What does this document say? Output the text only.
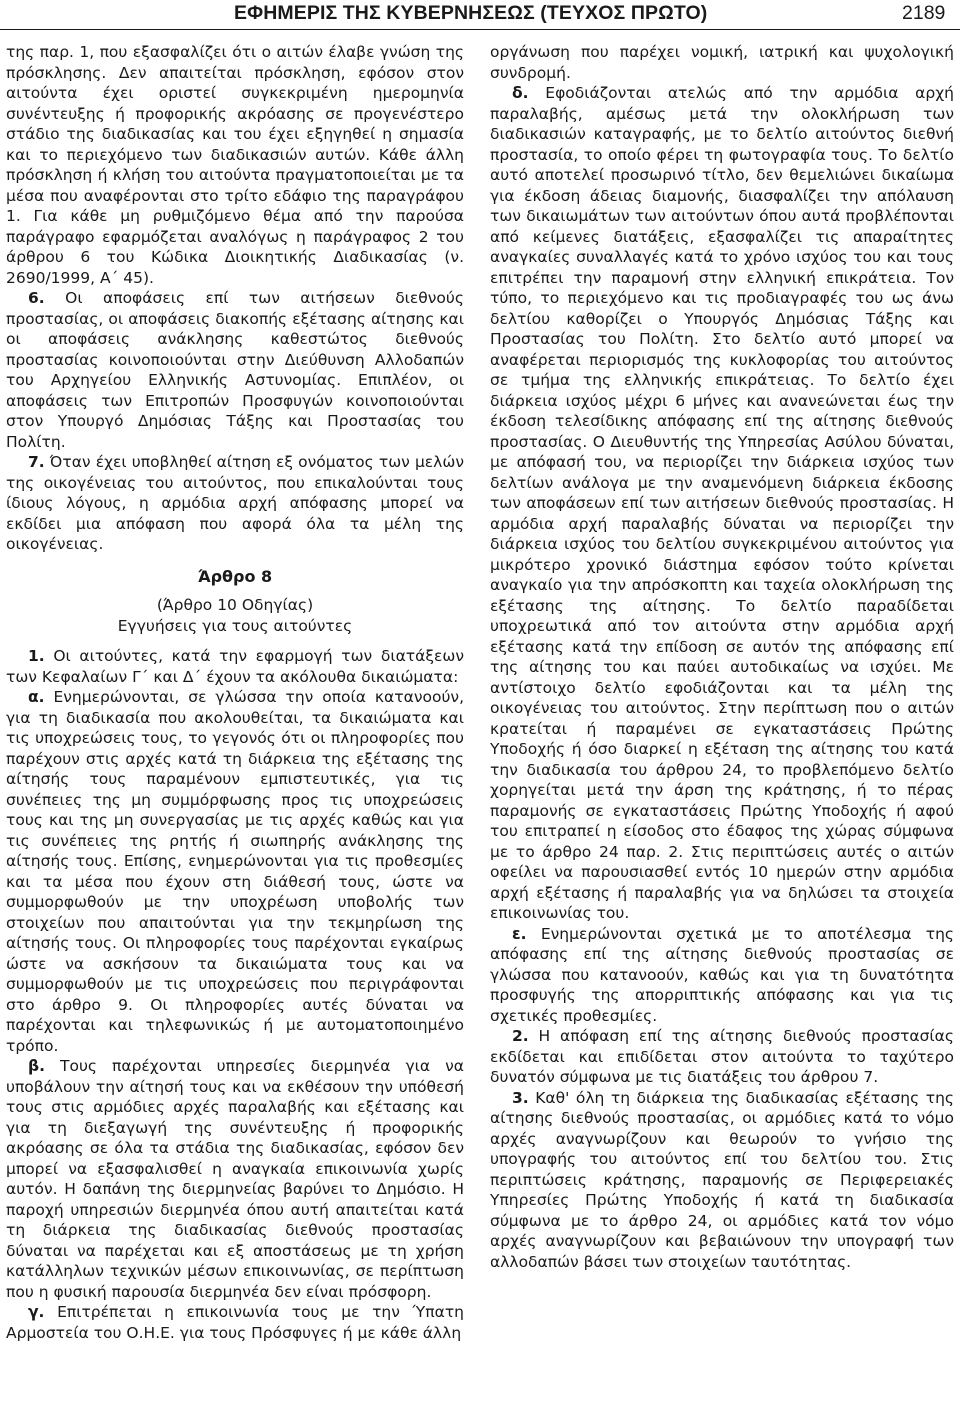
ΕΦΗΜΕΡΙΣ ΤΗΣ ΚΥΒΕΡΝΗΣΕΩΣ (ΤΕΥΧΟΣ ΠΡΩΤΟ)	2189

της παρ. 1, που εξασφαλίζει ότι ο αιτών έλαβε γνώση της πρόσκλησης. Δεν απαιτείται πρόσκληση, εφόσον στον αιτούντα έχει οριστεί συγκεκριμένη ημερομηνία συνέντευξης ή προφορικής ακρόασης σε προγενέστερο στάδιο της διαδικασίας και του έχει εξηγηθεί η σημασία και το περιεχόμενο των διαδικασιών αυτών. Κάθε άλλη πρόσκληση ή κλήση του αιτούντα πραγματοποιείται με τα μέσα που αναφέρονται στο τρίτο εδάφιο της παραγράφου 1. Για κάθε μη ρυθμιζόμενο θέμα από την παρούσα παράγραφο εφαρμόζεται αναλόγως η παράγραφος 2 του άρθρου 6 του Κώδικα Διοικητικής Διαδικασίας (ν. 2690/1999, Α΄ 45).

6. Οι αποφάσεις επί των αιτήσεων διεθνούς προστασίας, οι αποφάσεις διακοπής εξέτασης αίτησης και οι αποφάσεις ανάκλησης καθεστώτος διεθνούς προστασίας κοινοποιούνται στην Διεύθυνση Αλλοδαπών του Αρχηγείου Ελληνικής Αστυνομίας. Επιπλέον, οι αποφάσεις των Επιτροπών Προσφυγών κοινοποιούνται στον Υπουργό Δημόσιας Τάξης και Προστασίας του Πολίτη.

7. Όταν έχει υποβληθεί αίτηση εξ ονόματος των μελών της οικογένειας του αιτούντος, που επικαλούνται τους ίδιους λόγους, η αρμόδια αρχή απόφασης μπορεί να εκδίδει μια απόφαση που αφορά όλα τα μέλη της οικογένειας.

Άρθρο 8
(Άρθρο 10 Οδηγίας)
Εγγυήσεις για τους αιτούντες

1. Οι αιτούντες, κατά την εφαρμογή των διατάξεων των Κεφαλαίων Γ΄ και Δ΄ έχουν τα ακόλουθα δικαιώματα:

α. Ενημερώνονται, σε γλώσσα την οποία κατανοούν, για τη διαδικασία που ακολουθείται, τα δικαιώματα και τις υποχρεώσεις τους, το γεγονός ότι οι πληροφορίες που παρέχουν στις αρχές κατά τη διάρκεια της εξέτασης της αίτησής τους παραμένουν εμπιστευτικές, για τις συνέπειες της μη συμμόρφωσης προς τις υποχρεώσεις τους και της μη συνεργασίας με τις αρχές καθώς και για τις συνέπειες της ρητής ή σιωπηρής ανάκλησης της αίτησής τους. Επίσης, ενημερώνονται για τις προθεσμίες και τα μέσα που έχουν στη διάθεσή τους, ώστε να συμμορφωθούν με την υποχρέωση υποβολής των στοιχείων που απαιτούνται για την τεκμηρίωση της αίτησής τους. Οι πληροφορίες τους παρέχονται εγκαίρως ώστε να ασκήσουν τα δικαιώματα τους και να συμμορφωθούν με τις υποχρεώσεις που περιγράφονται στο άρθρο 9. Οι πληροφορίες αυτές δύναται να παρέχονται και τηλεφωνικώς ή με αυτοματοποιημένο τρόπο.

β. Τους παρέχονται υπηρεσίες διερμηνέα για να υποβάλουν την αίτησή τους και να εκθέσουν την υπόθεσή τους στις αρμόδιες αρχές παραλαβής και εξέτασης και για τη διεξαγωγή της συνέντευξης ή προφορικής ακρόασης σε όλα τα στάδια της διαδικασίας, εφόσον δεν μπορεί να εξασφαλισθεί η αναγκαία επικοινωνία χωρίς αυτόν. Η δαπάνη της διερμηνείας βαρύνει το Δημόσιο. Η παροχή υπηρεσιών διερμηνέα όπου αυτή απαιτείται κατά τη διάρκεια της διαδικασίας διεθνούς προστασίας δύναται να παρέχεται και εξ αποστάσεως με τη χρήση κατάλληλων τεχνικών μέσων επικοινωνίας, σε περίπτωση που η φυσική παρουσία διερμηνέα δεν είναι πρόσφορη.

γ. Επιτρέπεται η επικοινωνία τους με την Ύπατη Αρμοστεία του Ο.Η.Ε. για τους Πρόσφυγες ή με κάθε άλλη

οργάνωση που παρέχει νομική, ιατρική και ψυχολογική συνδρομή.

δ. Εφοδιάζονται ατελώς από την αρμόδια αρχή παραλαβής, αμέσως μετά την ολοκλήρωση των διαδικασιών καταγραφής, με το δελτίο αιτούντος διεθνή προστασία, το οποίο φέρει τη φωτογραφία τους. Το δελτίο αυτό αποτελεί προσωρινό τίτλο, δεν θεμελιώνει δικαίωμα για έκδοση άδειας διαμονής, διασφαλίζει την απόλαυση των δικαιωμάτων των αιτούντων όπου αυτά προβλέπονται από κείμενες διατάξεις, εξασφαλίζει τις απαραίτητες αναγκαίες συναλλαγές κατά το χρόνο ισχύος του και τους επιτρέπει την παραμονή στην ελληνική επικράτεια. Τον τύπο, το περιεχόμενο και τις προδιαγραφές του ως άνω δελτίου καθορίζει ο Υπουργός Δημόσιας Τάξης και Προστασίας του Πολίτη. Στο δελτίο αυτό μπορεί να αναφέρεται περιορισμός της κυκλοφορίας του αιτούντος σε τμήμα της ελληνικής επικράτειας. Το δελτίο έχει διάρκεια ισχύος μέχρι 6 μήνες και ανανεώνεται έως την έκδοση τελεσίδικης απόφασης επί της αίτησης διεθνούς προστασίας. Ο Διευθυντής της Υπηρεσίας Ασύλου δύναται, με απόφασή του, να περιορίζει την διάρκεια ισχύος των δελτίων ανάλογα με την αναμενόμενη διάρκεια έκδοσης των αποφάσεων επί των αιτήσεων διεθνούς προστασίας. Η αρμόδια αρχή παραλαβής δύναται να περιορίζει την διάρκεια ισχύος του δελτίου συγκεκριμένου αιτούντος για μικρότερο χρονικό διάστημα εφόσον τούτο κρίνεται αναγκαίο για την απρόσκοπτη και ταχεία ολοκλήρωση της εξέτασης της αίτησης. Το δελτίο παραδίδεται υποχρεωτικά από τον αιτούντα στην αρμόδια αρχή εξέτασης κατά την επίδοση σε αυτόν της απόφασης επί της αίτησης του και παύει αυτοδικαίως να ισχύει. Με αντίστοιχο δελτίο εφοδιάζονται και τα μέλη της οικογένειας του αιτούντος. Στην περίπτωση που ο αιτών κρατείται ή παραμένει σε εγκαταστάσεις Πρώτης Υποδοχής ή όσο διαρκεί η εξέταση της αίτησης του κατά την διαδικασία του άρθρου 24, το προβλεπόμενο δελτίο χορηγείται μετά την άρση της κράτησης, ή το πέρας παραμονής σε εγκαταστάσεις Πρώτης Υποδοχής ή αφού του επιτραπεί η είσοδος στο έδαφος της χώρας σύμφωνα με το άρθρο 24 παρ. 2. Στις περιπτώσεις αυτές ο αιτών οφείλει να παρουσιασθεί εντός 10 ημερών στην αρμόδια αρχή εξέτασης ή παραλαβής για να δηλώσει τα στοιχεία επικοινωνίας του.

ε. Ενημερώνονται σχετικά με το αποτέλεσμα της απόφασης επί της αίτησης διεθνούς προστασίας σε γλώσσα που κατανοούν, καθώς και για τη δυνατότητα προσφυγής της απορριπτικής απόφασης και για τις σχετικές προθεσμίες.

2. Η απόφαση επί της αίτησης διεθνούς προστασίας εκδίδεται και επιδίδεται στον αιτούντα το ταχύτερο δυνατόν σύμφωνα με τις διατάξεις του άρθρου 7.

3. Καθ' όλη τη διάρκεια της διαδικασίας εξέτασης της αίτησης διεθνούς προστασίας, οι αρμόδιες κατά το νόμο αρχές αναγνωρίζουν και θεωρούν το γνήσιο της υπογραφής του αιτούντος επί του δελτίου του. Στις περιπτώσεις κράτησης, παραμονής σε Περιφερειακές Υπηρεσίες Πρώτης Υποδοχής ή κατά τη διαδικασία σύμφωνα με το άρθρο 24, οι αρμόδιες κατά τον νόμο αρχές αναγνωρίζουν και βεβαιώνουν την υπογραφή των αλλοδαπών βάσει των στοιχείων ταυτότητας.
